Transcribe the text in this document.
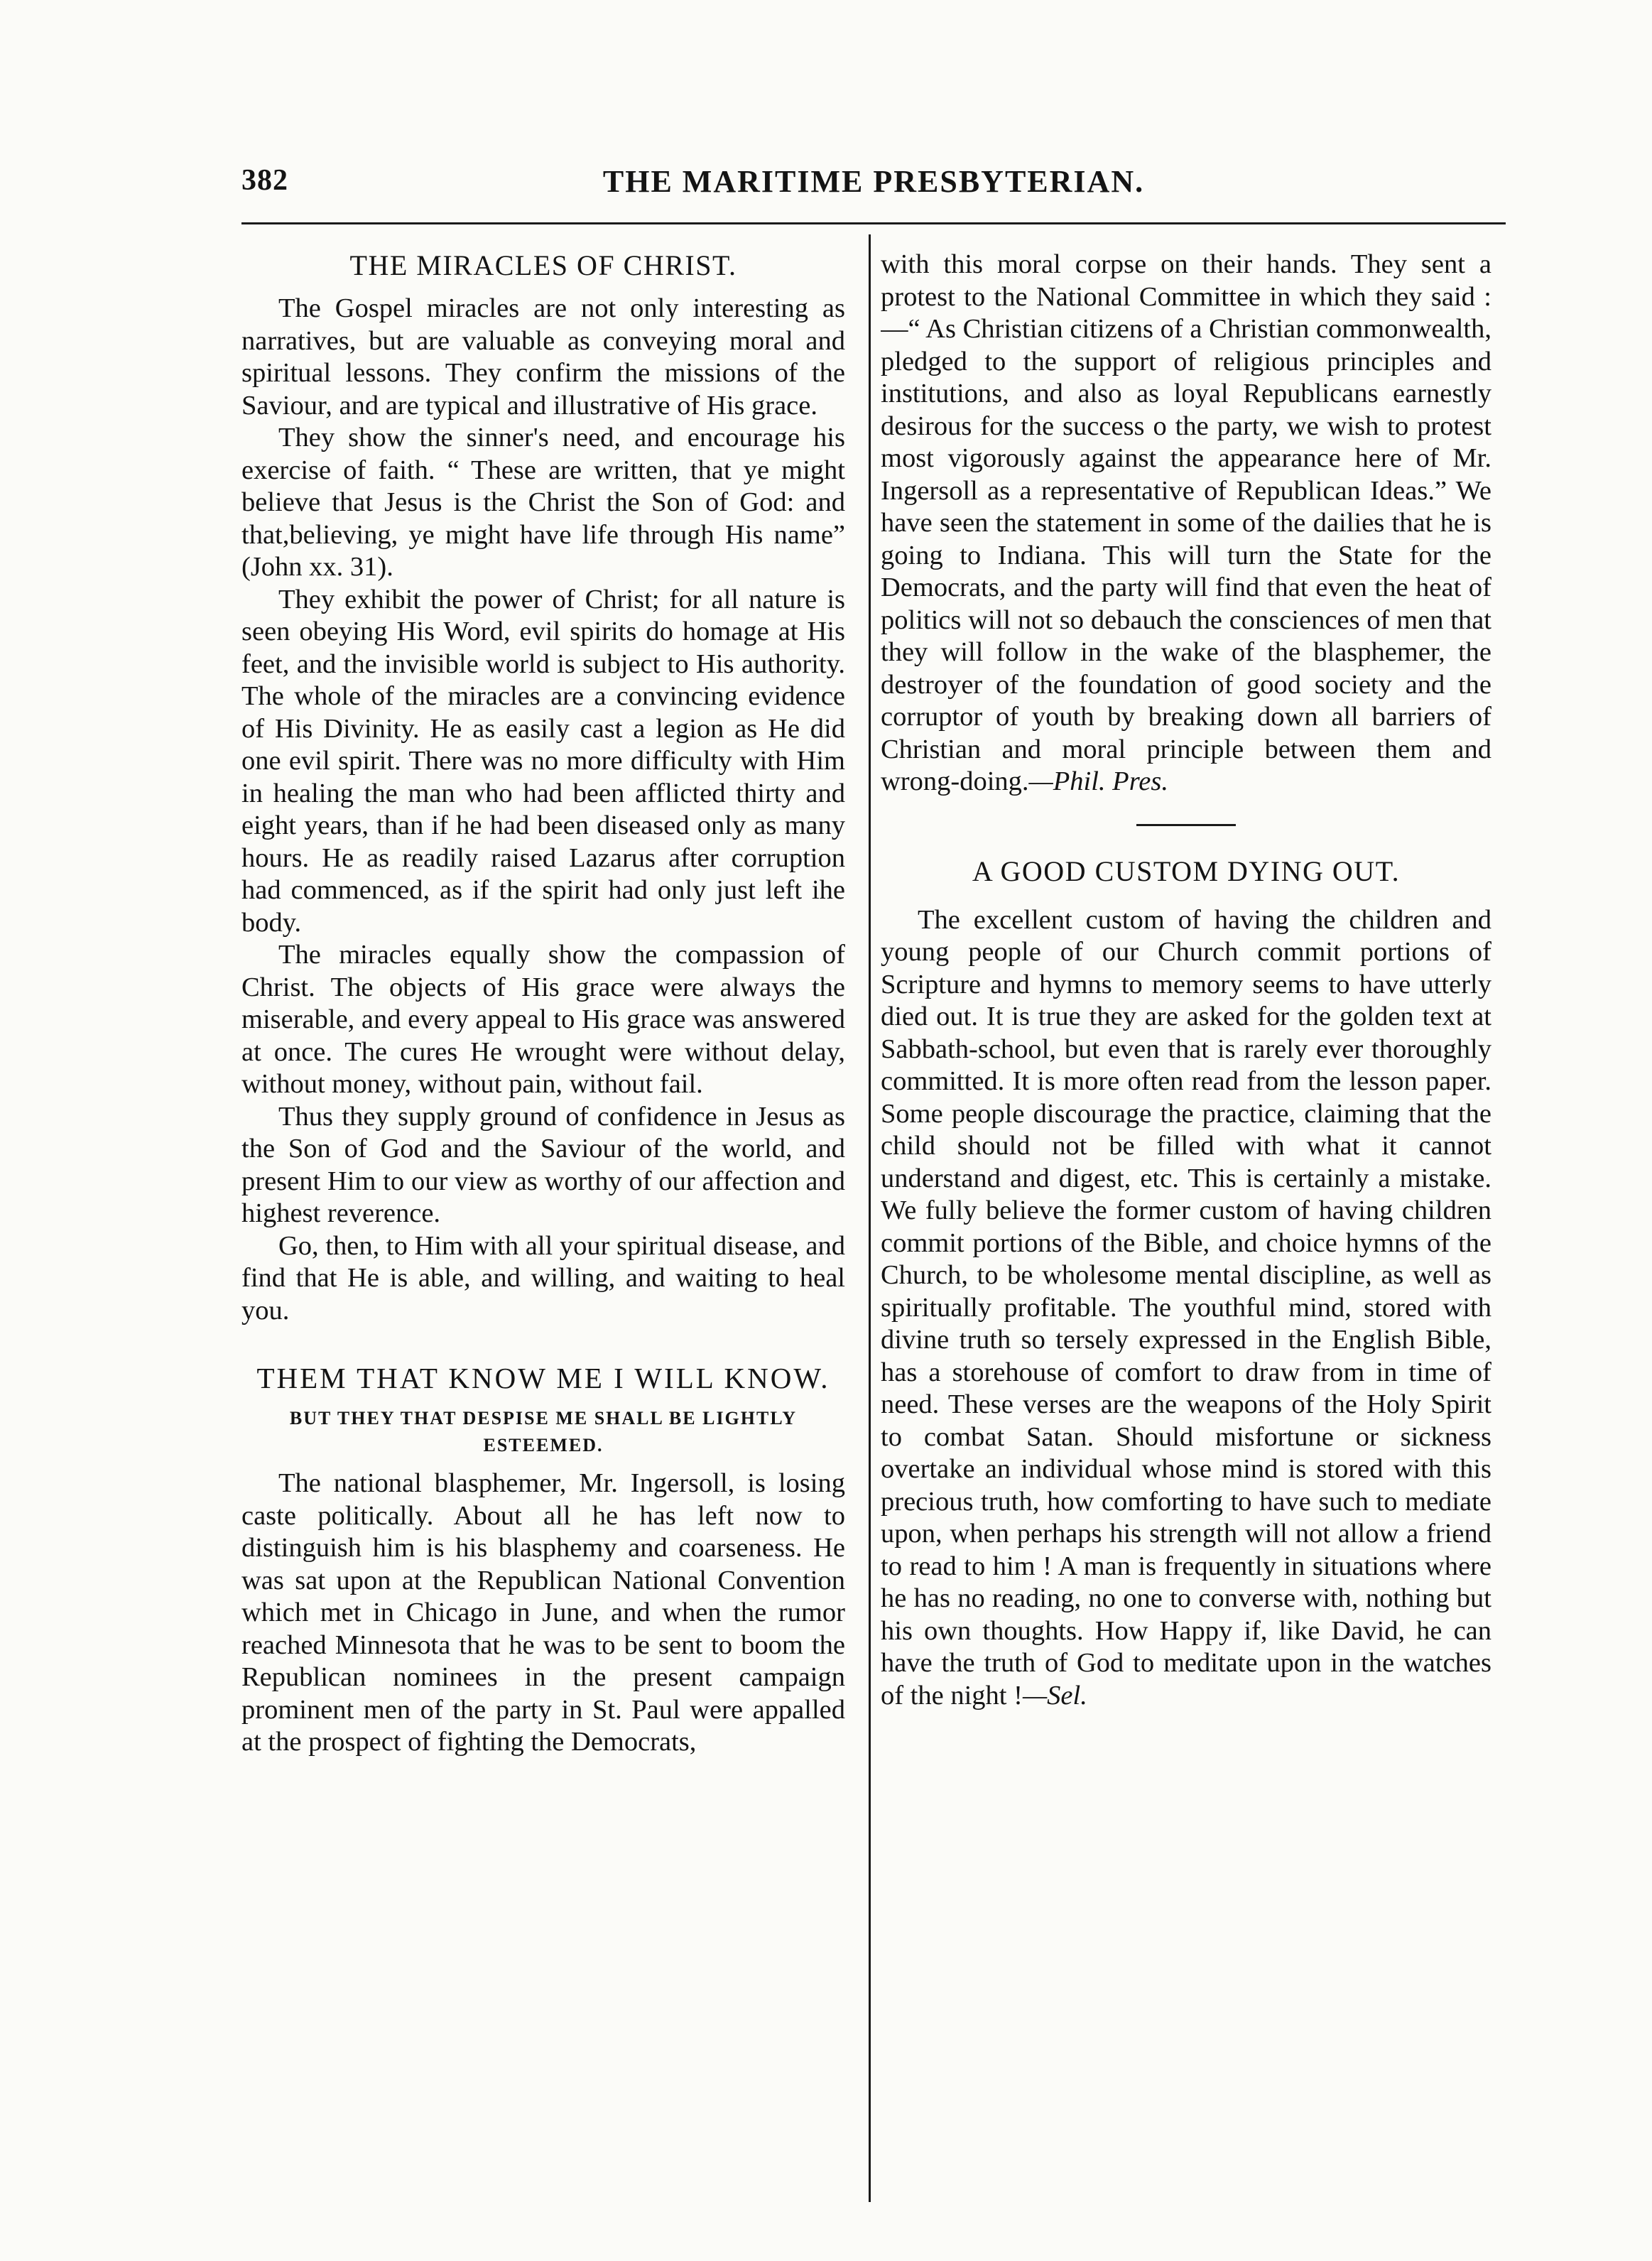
382	THE MARITIME PRESBYTERIAN.
THE MIRACLES OF CHRIST.

The Gospel miracles are not only interesting as narratives, but are valuable as conveying moral and spiritual lessons. They confirm the missions of the Saviour, and are typical and illustrative of His grace.

They show the sinner's need, and encourage his exercise of faith. “ These are written, that ye might believe that Jesus is the Christ the Son of God: and that,believing, ye might have life through His name” (John xx. 31).

They exhibit the power of Christ; for all nature is seen obeying His Word, evil spirits do homage at His feet, and the invisible world is subject to His authority. The whole of the miracles are a convincing evidence of His Divinity. He as easily cast a legion as He did one evil spirit. There was no more difficulty with Him in healing the man who had been afflicted thirty and eight years, than if he had been diseased only as many hours. He as readily raised Lazarus after corruption had commenced, as if the spirit had only just left ihe body.

The miracles equally show the compassion of Christ. The objects of His grace were always the miserable, and every appeal to His grace was answered at once. The cures He wrought were without delay, without money, without pain, without fail.

Thus they supply ground of confidence in Jesus as the Son of God and the Saviour of the world, and present Him to our view as worthy of our affection and highest reverence.

Go, then, to Him with all your spiritual disease, and find that He is able, and willing, and waiting to heal you.

THEM THAT KNOW ME I WILL KNOW.
BUT THEY THAT DESPISE ME SHALL BE LIGHTLY ESTEEMED.

The national blasphemer, Mr. Ingersoll, is losing caste politically. About all he has left now to distinguish him is his blasphemy and coarseness. He was sat upon at the Republican National Convention which met in Chicago in June, and when the rumor reached Minnesota that he was to be sent to boom the Republican nominees in the present campaign prominent men of the party in St. Paul were appalled at the prospect of fighting the Democrats,

with this moral corpse on their hands. They sent a protest to the National Committee in which they said :—“ As Christian citizens of a Christian commonwealth, pledged to the support of religious principles and institutions, and also as loyal Republicans earnestly desirous for the success o the party, we wish to protest most vigorously against the appearance here of Mr. Ingersoll as a representative of Republican Ideas.” We have seen the statement in some of the dailies that he is going to Indiana. This will turn the State for the Democrats, and the party will find that even the heat of politics will not so debauch the consciences of men that they will follow in the wake of the blasphemer, the destroyer of the foundation of good society and the corruptor of youth by breaking down all barriers of Christian and moral principle between them and wrong-doing.—Phil. Pres.

A GOOD CUSTOM DYING OUT.

The excellent custom of having the children and young people of our Church commit portions of Scripture and hymns to memory seems to have utterly died out. It is true they are asked for the golden text at Sabbath-school, but even that is rarely ever thoroughly committed. It is more often read from the lesson paper. Some people discourage the practice, claiming that the child should not be filled with what it cannot understand and digest, etc. This is certainly a mistake. We fully believe the former custom of having children commit portions of the Bible, and choice hymns of the Church, to be wholesome mental discipline, as well as spiritually profitable. The youthful mind, stored with divine truth so tersely expressed in the English Bible, has a storehouse of comfort to draw from in time of need. These verses are the weapons of the Holy Spirit to combat Satan. Should misfortune or sickness overtake an individual whose mind is stored with this precious truth, how comforting to have such to mediate upon, when perhaps his strength will not allow a friend to read to him ! A man is frequently in situations where he has no reading, no one to converse with, nothing but his own thoughts. How Happy if, like David, he can have the truth of God to meditate upon in the watches of the night !—Sel.
